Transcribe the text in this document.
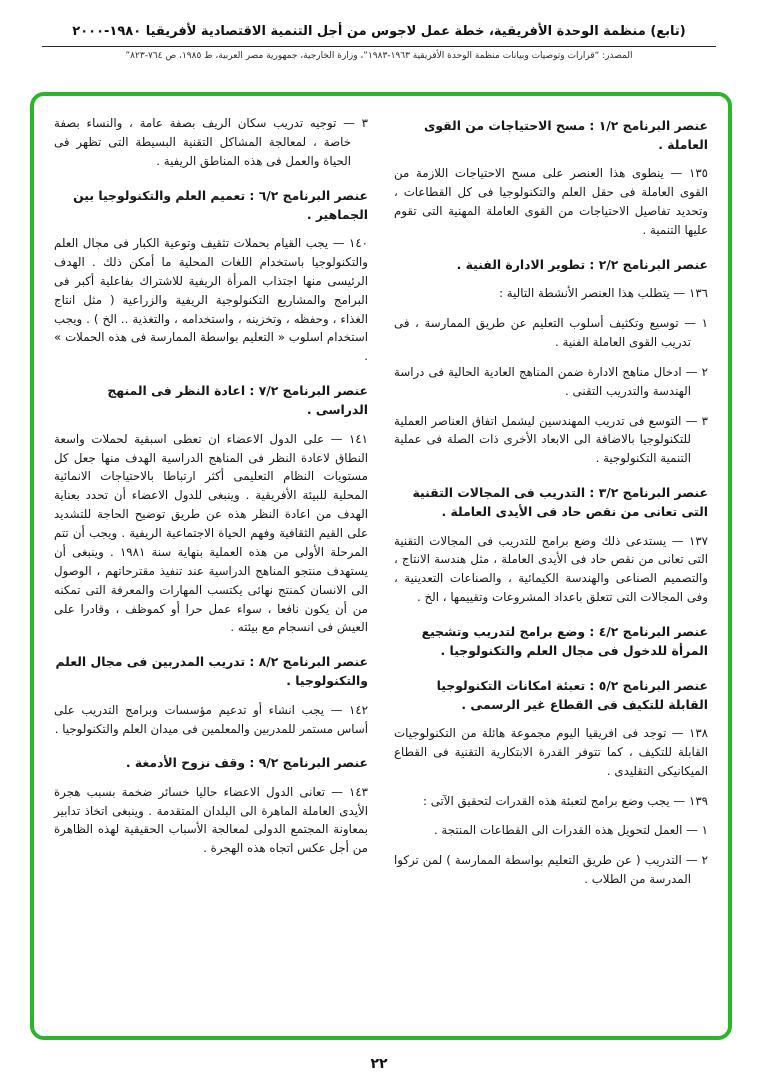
(تابع) منظمة الوحدة الأفريقية، خطة عمل لاجوس من أجل التنمية الاقتصادية لأفريقيا ١٩٨٠-٢٠٠٠
المصدر: “قرارات وتوصيات وبيانات منظمة الوحدة الأفريقية ١٩٦٣-١٩٨٣”، وزارة الخارجية، جمهورية مصر العربية، ط ١٩٨٥، ص ٧٦٤-٨٢٣”
عنصر البرنامج ١/٢ : مسح الاحتياجات من القوى العاملة .
١٣٥ — ينطوى هذا العنصر على مسح الاحتياجات اللازمة من القوى العاملة فى حقل العلم والتكنولوجيا فى كل القطاعات ، وتحديد تفاصيل الاحتياجات من القوى العاملة المهنية التى تقوم عليها التنمية .
عنصر البرنامج ٢/٢ : تطوير الادارة الفنية .
١٣٦ — يتطلب هذا العنصر الأنشطة التالية :
١ — توسيع وتكثيف أسلوب التعليم عن طريق الممارسة ، فى تدريب القوى العاملة الفنية .
٢ — ادخال مناهج الادارة ضمن المناهج العادية الحالية فى دراسة الهندسة والتدريب التقنى .
٣ — التوسع فى تدريب المهندسين ليشمل اتفاق العناصر العملية للتكنولوجيا بالاضافة الى الابعاد الأخرى ذات الصلة فى عملية التنمية التكنولوجية .
عنصر البرنامج ٣/٢ : التدريب فى المجالات التقنية التى تعانى من نقص حاد فى الأيدى العاملة .
١٣٧ — يستدعى ذلك وضع برامج للتدريب فى المجالات التقنية التى تعانى من نقص حاد فى الأيدى العاملة ، مثل هندسة الانتاج ، والتصميم الصناعى والهندسة الكيمائية ، والصناعات التعدينية ، وفى المجالات التى تتعلق باعداد المشروعات وتقييمها ، الخ .
عنصر البرنامج ٤/٢ : وضع برامج لتدريب وتشجيع المرأة للدخول فى مجال العلم والتكنولوجيا .
عنصر البرنامج ٥/٢ : تعبئة امكانات التكنولوجيا القابلة للتكيف فى القطاع غير الرسمى .
١٣٨ — توجد فى افريقيا اليوم مجموعة هائلة من التكنولوجيات القابلة للتكيف ، كما تتوفر القدرة الابتكارية التقنية فى القطاع الميكانيكى التقليدى .
١٣٩ — يجب وضع برامج لتعبئة هذه القدرات لتحقيق الآتى :
١ — العمل لتحويل هذه القدرات الى القطاعات المنتجة .
٢ — التدريب ( عن طريق التعليم بواسطة الممارسة ) لمن تركوا المدرسة من الطلاب .
٣ — توجيه تدريب سكان الريف بصفة عامة ، والنساء بصفة خاصة ، لمعالجة المشاكل التقنية البسيطة التى تظهر فى الحياة والعمل فى هذه المناطق الريفية .
عنصر البرنامج ٦/٢ : تعميم العلم والتكنولوجيا بين الجماهير .
١٤٠ — يجب القيام بحملات تثقيف وتوعية الكبار فى مجال العلم والتكنولوجيا باستخدام اللغات المحلية ما أمكن ذلك . الهدف الرئيسى منها اجتذاب المرأة الريفية للاشتراك بفاعلية أكبر فى البرامج والمشاريع التكنولوجية الريفية والزراعية ( مثل انتاج الغذاء ، وحفظه ، وتخزينه ، واستخدامه ، والتغذية .. الخ ) . ويجب استخدام اسلوب « التعليم بواسطة الممارسة فى هذه الحملات » .
عنصر البرنامج ٧/٢ : اعادة النظر فى المنهج الدراسى .
١٤١ — على الدول الاعضاء ان تعطى اسبقية لحملات واسعة النطاق لاعادة النظر فى المناهج الدراسية الهدف منها جعل كل مستويات النظام التعليمى أكثر ارتباطا بالاحتياجات الانمائية المحلية للبيئة الأفريقية . وينبغى للدول الاعضاء أن تحدد بعناية الهدف من اعادة النظر هذه عن طريق توضيح الحاجة للتشديد على القيم الثقافية وفهم الحياة الاجتماعية الريفية . ويجب أن تتم المرحلة الأولى من هذه العملية بنهاية سنة ١٩٨١ . وينبغى أن يستهدف منتجو المناهج الدراسية عند تنفيذ مقترحاتهم ، الوصول الى الانسان كمنتج نهائى يكتسب المهارات والمعرفة التى تمكنه من أن يكون نافعا ، سواء عمل حرا أو كموظف ، وقادرا على العيش فى انسجام مع بيئته .
عنصر البرنامج ٨/٢ : تدريب المدربين فى مجال العلم والتكنولوجيا .
١٤٢ — يجب انشاء أو تدعيم مؤسسات وبرامج التدريب على أساس مستمر للمدربين والمعلمين فى ميدان العلم والتكنولوجيا .
عنصر البرنامج ٩/٢ : وقف نزوح الأدمغة .
١٤٣ — تعانى الدول الاعضاء حاليا خسائر ضخمة بسبب هجرة الأيدى العاملة الماهرة الى البلدان المتقدمة . وينبغى اتخاذ تدابير بمعاونة المجتمع الدولى لمعالجة الأسباب الحقيقية لهذه الظاهرة من أجل عكس اتجاه هذه الهجرة .
٢٢
